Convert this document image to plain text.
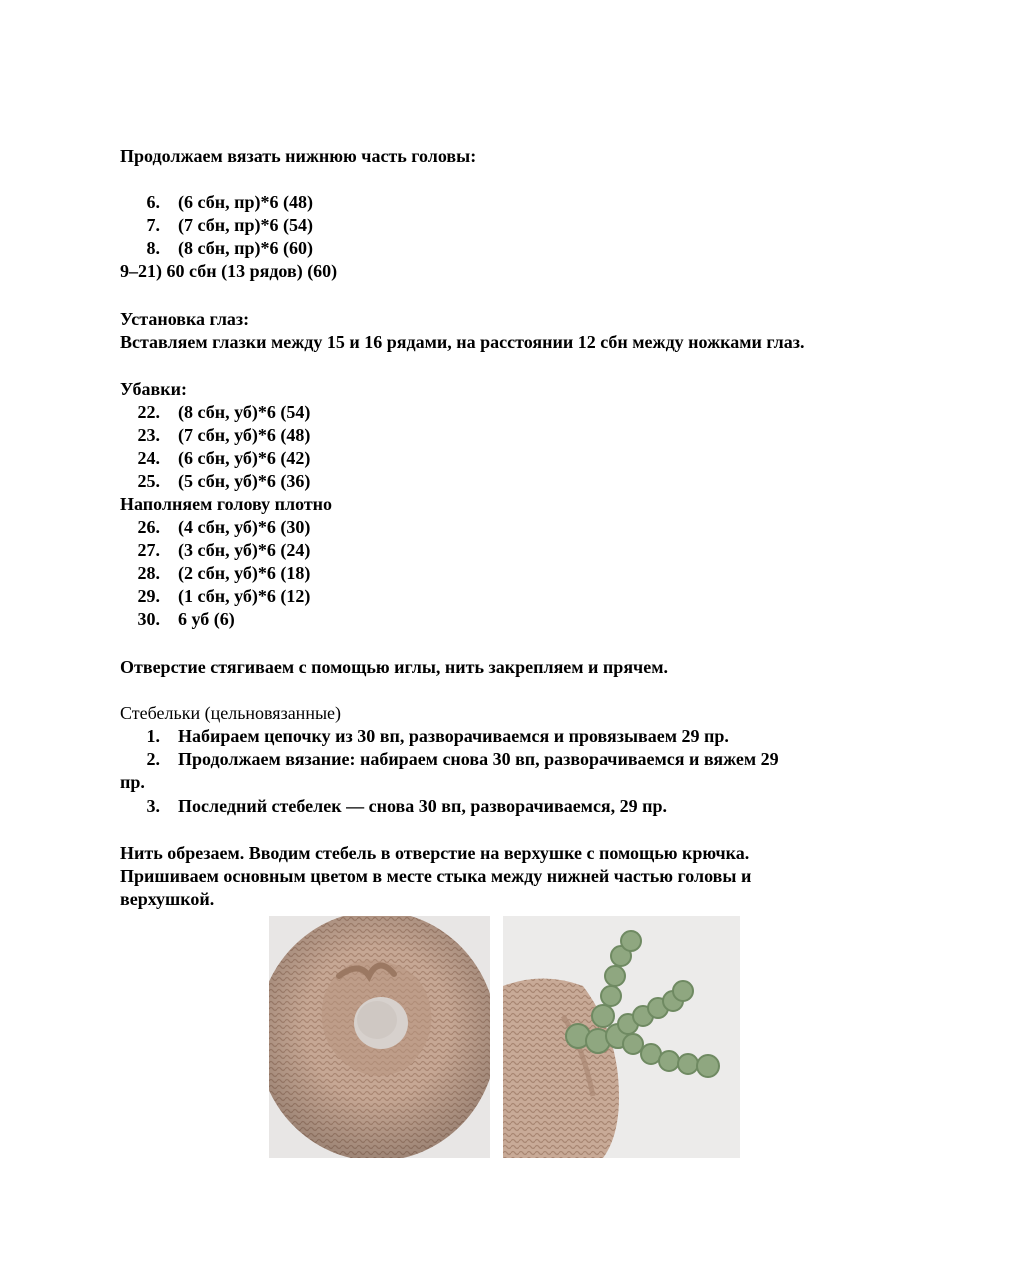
Продолжаем вязать нижнюю часть головы:
6. (6 сбн, пр)*6 (48)
7. (7 сбн, пр)*6 (54)
8. (8 сбн, пр)*6 (60)
9–21) 60 сбн (13 рядов) (60)
Установка глаз:
Вставляем глазки между 15 и 16 рядами, на расстоянии 12 сбн между ножками глаз.
Убавки:
22. (8 сбн, уб)*6 (54)
23. (7 сбн, уб)*6 (48)
24. (6 сбн, уб)*6 (42)
25. (5 сбн, уб)*6 (36)
Наполняем голову плотно
26. (4 сбн, уб)*6 (30)
27. (3 сбн, уб)*6 (24)
28. (2 сбн, уб)*6 (18)
29. (1 сбн, уб)*6 (12)
30. 6 уб (6)
Отверстие стягиваем с помощью иглы, нить закрепляем и прячем.
Стебельки (цельновязанные)
1. Набираем цепочку из 30 вп, разворачиваемся и провязываем 29 пр.
2. Продолжаем вязание: набираем снова 30 вп, разворачиваемся и вяжем 29
пр.
3. Последний стебелек — снова 30 вп, разворачиваемся, 29 пр.
Нить обрезаем. Вводим стебель в отверстие на верхушке с помощью крючка.
Пришиваем основным цветом в месте стыка между нижней частью головы и
верхушкой.
